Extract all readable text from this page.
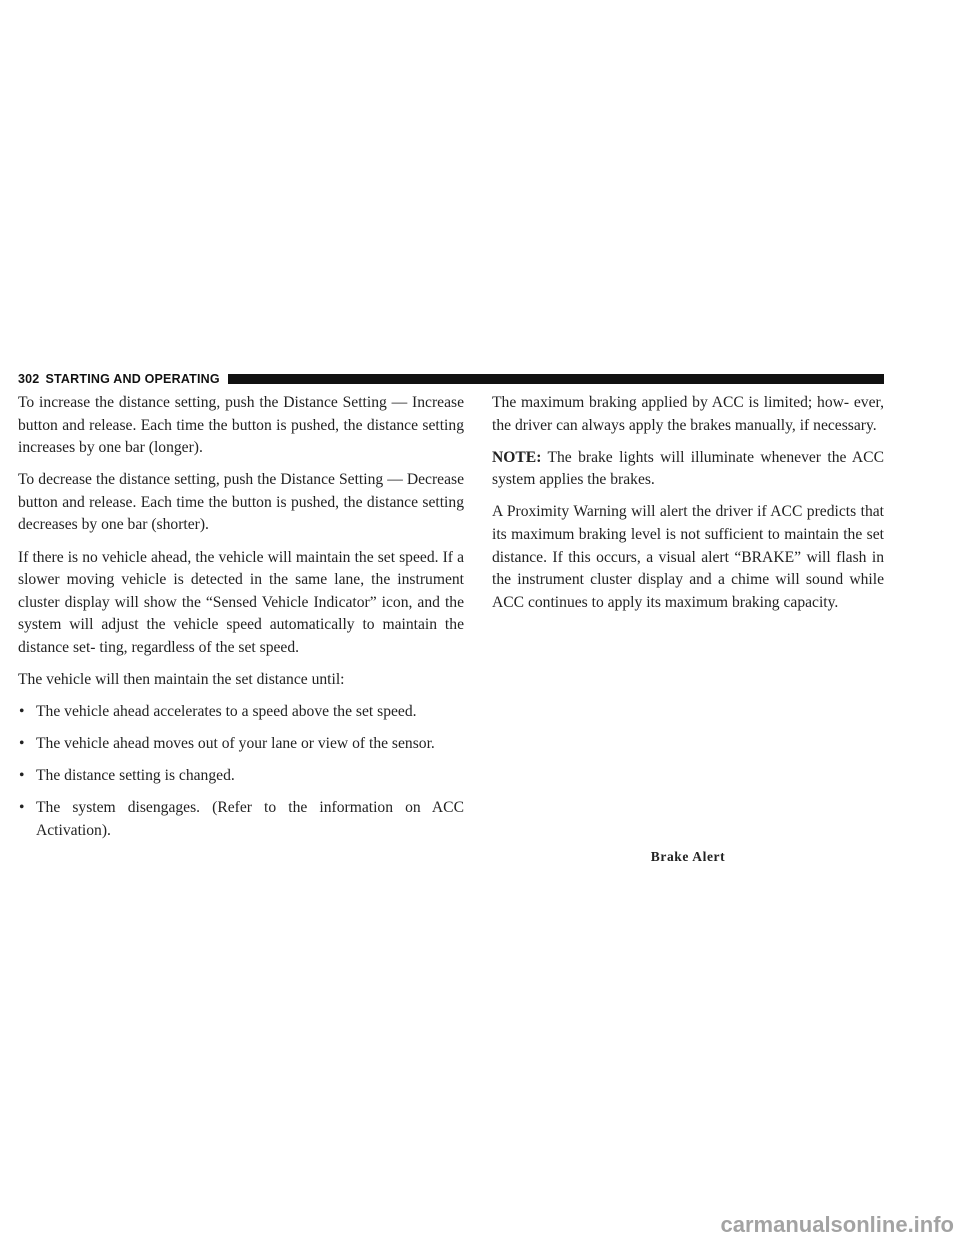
302 STARTING AND OPERATING

To increase the distance setting, push the Distance Setting — Increase button and release. Each time the button is pushed, the distance setting increases by one bar (longer).

To decrease the distance setting, push the Distance Setting — Decrease button and release. Each time the button is pushed, the distance setting decreases by one bar (shorter).

If there is no vehicle ahead, the vehicle will maintain the set speed. If a slower moving vehicle is detected in the same lane, the instrument cluster display will show the “Sensed Vehicle Indicator” icon, and the system will adjust the vehicle speed automatically to maintain the distance set- ting, regardless of the set speed.

The vehicle will then maintain the set distance until:

• The vehicle ahead accelerates to a speed above the set speed.
• The vehicle ahead moves out of your lane or view of the sensor.
• The distance setting is changed.
• The system disengages. (Refer to the information on ACC Activation).

The maximum braking applied by ACC is limited; how- ever, the driver can always apply the brakes manually, if necessary.

NOTE: The brake lights will illuminate whenever the ACC system applies the brakes.

A Proximity Warning will alert the driver if ACC predicts that its maximum braking level is not sufficient to maintain the set distance. If this occurs, a visual alert “BRAKE” will flash in the instrument cluster display and a chime will sound while ACC continues to apply its maximum braking capacity.

Brake Alert
carmanualsonline.info
